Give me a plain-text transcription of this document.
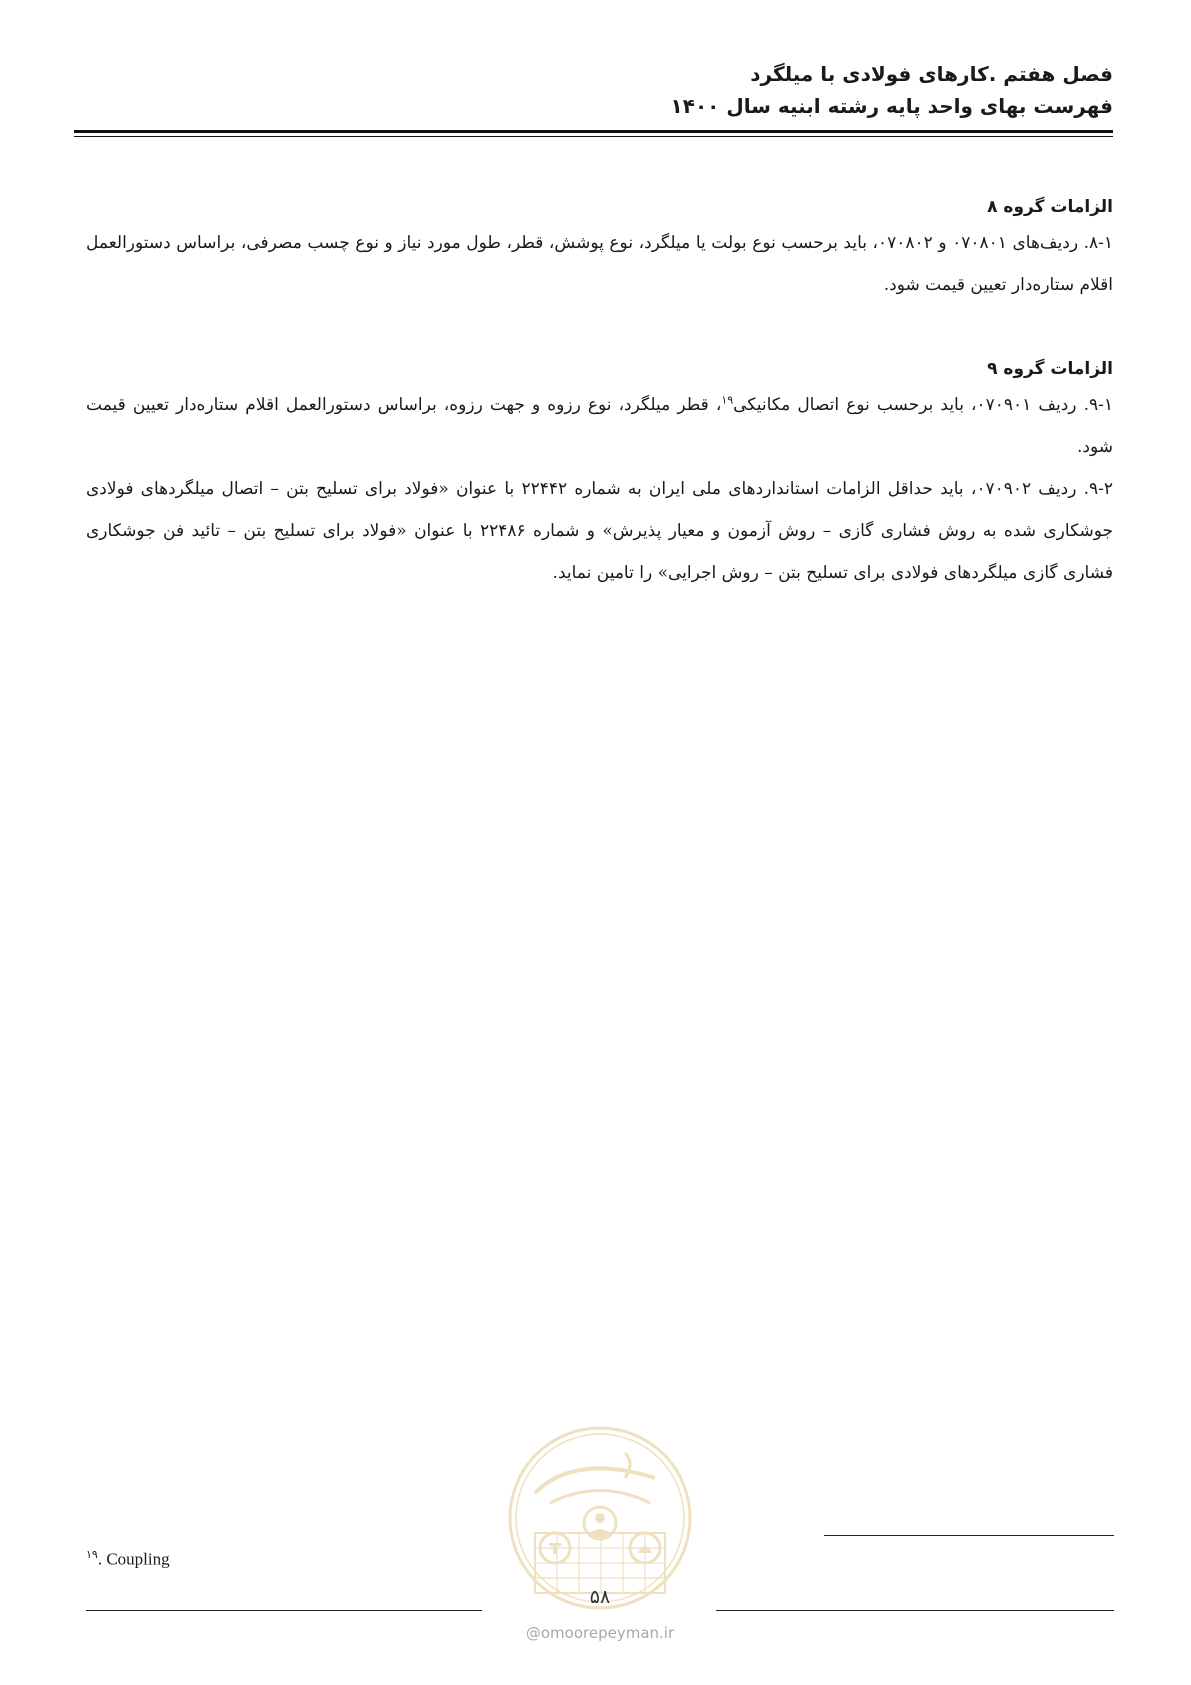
فصل هفتم .کارهای فولادی با میلگرد
فهرست بهای واحد پایه رشته ابنیه سال ۱۴۰۰
الزامات گروه ۸

۸-۱. ردیف‌های ۰۷۰۸۰۱ و ۰۷۰۸۰۲، باید برحسب نوع بولت یا میلگرد، نوع پوشش، قطر، طول مورد نیاز و نوع چسب مصرفی، براساس دستورالعمل اقلام ستاره‌دار تعیین قیمت شود.

الزامات گروه ۹

۹-۱. ردیف ۰۷۰۹۰۱، باید برحسب نوع اتصال مکانیکی$^{۱۹}$، قطر میلگرد، نوع رزوه و جهت رزوه، براساس دستورالعمل اقلام ستاره‌دار تعیین قیمت شود.

۹-۲. ردیف ۰۷۰۹۰۲، باید حداقل الزامات استانداردهای ملی ایران به شماره ۲۲۴۴۲ با عنوان «فولاد برای تسلیح بتن – اتصال میلگردهای فولادی جوشکاری شده به روش فشاری گازی – روش آزمون و معیار پذیرش» و شماره ۲۲۴۸۶ با عنوان «فولاد برای تسلیح بتن – تائید فن جوشکاری فشاری گازی میلگردهای فولادی برای تسلیح بتن – روش اجرایی» را تامین نماید.

$^{۱۹}$. Coupling
۵۸
@omoorepeyman.ir
